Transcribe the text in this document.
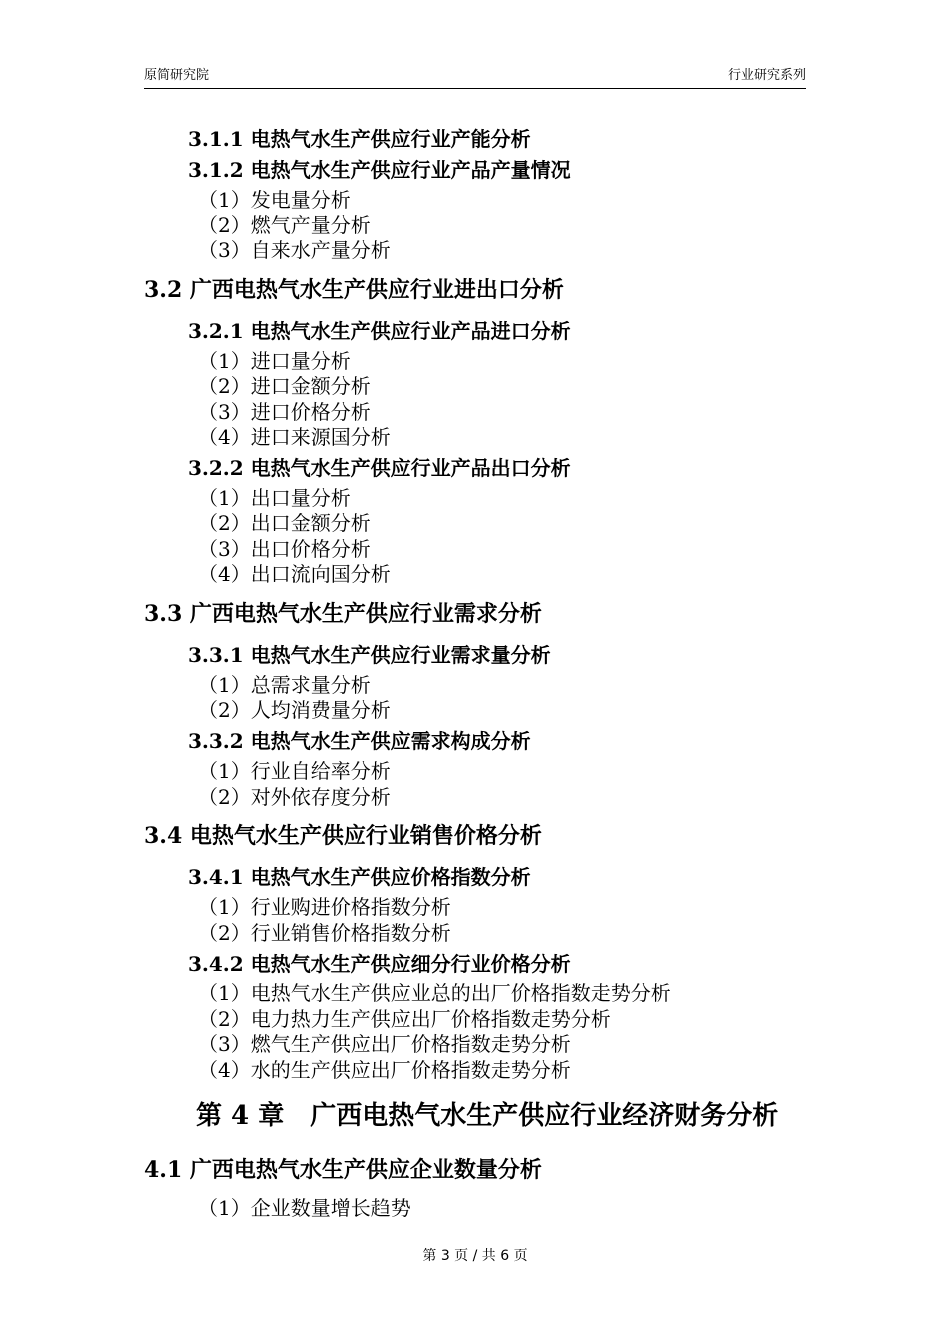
原简研究院	行业研究系列
3.1.1 电热气水生产供应行业产能分析
3.1.2 电热气水生产供应行业产品产量情况
（1）发电量分析
（2）燃气产量分析
（3）自来水产量分析
3.2 广西电热气水生产供应行业进出口分析
3.2.1 电热气水生产供应行业产品进口分析
（1）进口量分析
（2）进口金额分析
（3）进口价格分析
（4）进口来源国分析
3.2.2 电热气水生产供应行业产品出口分析
（1）出口量分析
（2）出口金额分析
（3）出口价格分析
（4）出口流向国分析
3.3 广西电热气水生产供应行业需求分析
3.3.1 电热气水生产供应行业需求量分析
（1）总需求量分析
（2）人均消费量分析
3.3.2 电热气水生产供应需求构成分析
（1）行业自给率分析
（2）对外依存度分析
3.4 电热气水生产供应行业销售价格分析
3.4.1 电热气水生产供应价格指数分析
（1）行业购进价格指数分析
（2）行业销售价格指数分析
3.4.2 电热气水生产供应细分行业价格分析
（1）电热气水生产供应业总的出厂价格指数走势分析
（2）电力热力生产供应出厂价格指数走势分析
（3）燃气生产供应出厂价格指数走势分析
（4）水的生产供应出厂价格指数走势分析
第 4 章　广西电热气水生产供应行业经济财务分析
4.1 广西电热气水生产供应企业数量分析
（1）企业数量增长趋势
第 3 页 / 共 6 页
